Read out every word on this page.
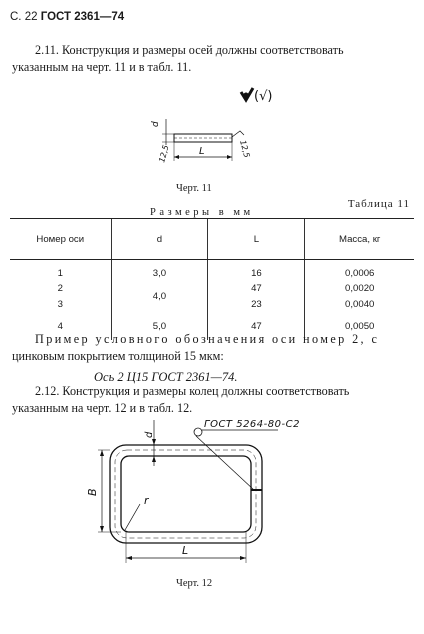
С. 22 ГОСТ 2361—74
2.11. Конструкция и размеры осей должны соответствовать
указанным на черт. 11 и в табл. 11.
(√)
d
L
12,5	12,5
Черт. 11
Таблица 11
Размеры в мм
Номер оси	d	L	Масса, кг
1	3,0	16	0,0006
2	4,0	47	0,0020
3		23	0,0040
4	5,0	47	0,0050
Пример условного обозначения оси номер 2, с
цинковым покрытием толщиной 15 мкм:
Ось 2 Ц15 ГОСТ 2361—74.
2.12. Конструкция и размеры колец должны соответствовать
указанным на черт. 12 и в табл. 12.
d
B
r
L
ГОСТ 5264-80-С2
Черт. 12
